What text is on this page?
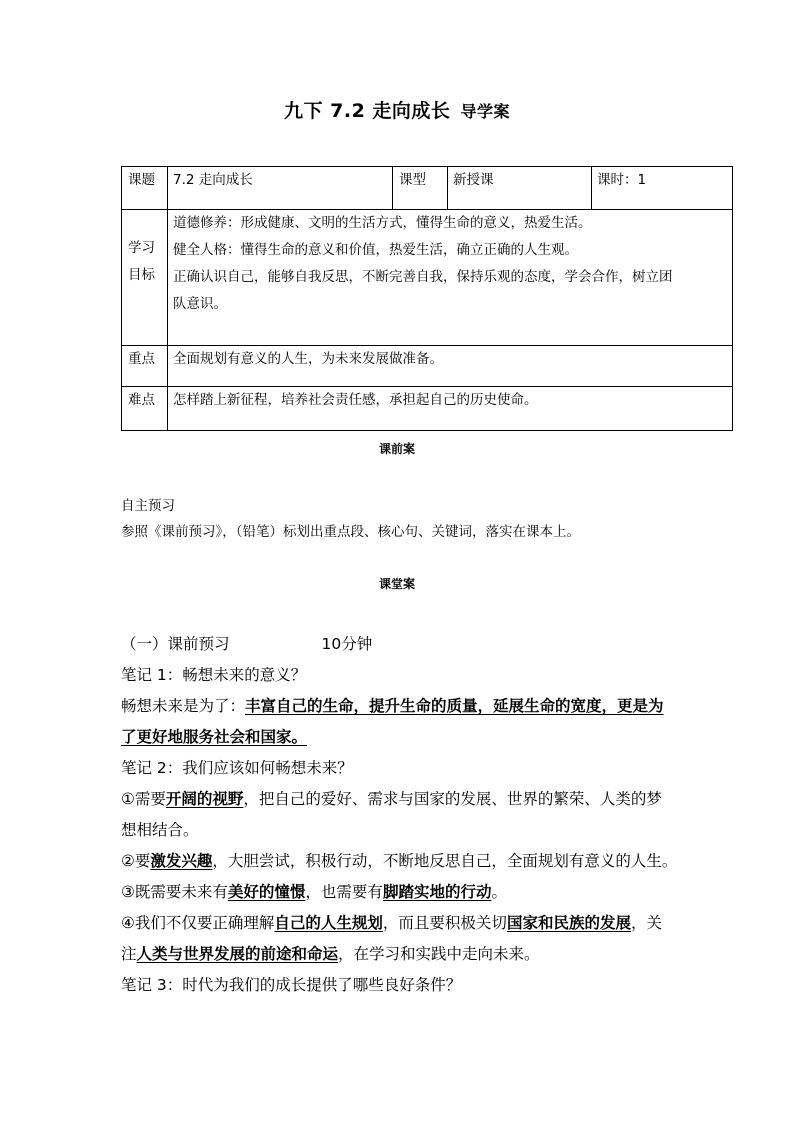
九下 7.2 走向成长 导学案
课题	7.2 走向成长	课型	新授课	课时：1

学习
目标	道德修养：形成健康、文明的生活方式，懂得生命的意义，热爱生活。
健全人格：懂得生命的意义和价值，热爱生活，确立正确的人生观。
正确认识自己，能够自我反思，不断完善自我，保持乐观的态度，学会合作，树立团
队意识。			

重点	全面规划有意义的人生，为未来发展做准备。			
难点	怎样踏上新征程，培养社会责任感，承担起自己的历史使命。			
课前案
自主预习
参照《课前预习》，（铅笔）标划出重点段、核心句、关键词，落实在课本上。
课堂案
（一）课前预习	10分钟
笔记 1：畅想未来的意义？
畅想未来是为了：丰富自己的生命，提升生命的质量，延展生命的宽度，更是为
了更好地服务社会和国家。
笔记 2：我们应该如何畅想未来？
①需要开阔的视野，把自己的爱好、需求与国家的发展、世界的繁荣、人类的梦
想相结合。
②要激发兴趣，大胆尝试，积极行动，不断地反思自己，全面规划有意义的人生。
③既需要未来有美好的憧憬，也需要有脚踏实地的行动。
④我们不仅要正确理解自己的人生规划，而且要积极关切国家和民族的发展，关
注人类与世界发展的前途和命运，在学习和实践中走向未来。
笔记 3：时代为我们的成长提供了哪些良好条件？
